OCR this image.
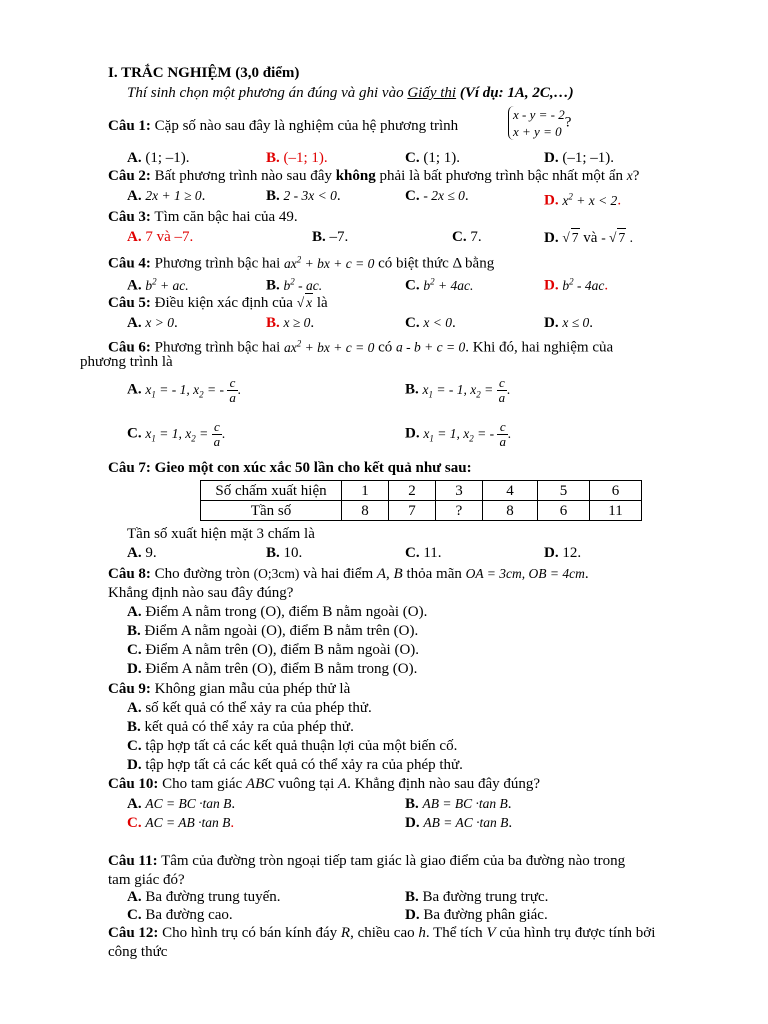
I. TRẮC NGHIỆM (3,0 điểm)
Thí sinh chọn một phương án đúng và ghi vào Giấy thi (Ví dụ: 1A, 2C,…)
Câu 1: Cặp số nào sau đây là nghiệm của hệ phương trình
x - y = - 2
x + y = 0
?
A. (1; –1).	B. (–1; 1).	C. (1; 1).	D. (–1; –1).
Câu 2: Bất phương trình nào sau đây không phải là bất phương trình bậc nhất một ẩn x?
A. 2x + 1 ≥ 0.	B. 2 - 3x < 0.	C. - 2x ≤ 0.	D. $x^2 + x < 2$.
Câu 3: Tìm căn bậc hai của 49.
A. 7 và –7.	B. –7.	C. 7.	D. √ 7 và - √ 7 .
Câu 4: Phương trình bậc hai $ax^2$ + bx + c = 0 có biệt thức Δ bằng
A. $b^2$ + ac.	B. $b^2$ - ac.	C. $b^2 + 4ac$.	D. $b^2 - 4ac$.
Câu 5: Điều kiện xác định của √ x là
A. x > 0.	B. x ≥ 0.	C. x < 0.	D. x ≤ 0.
Câu 6: Phương trình bậc hai $ax^2$ + bx + c = 0 có a - b + c = 0. Khi đó, hai nghiệm của
phương trình là
A. $x_1$ = - 1, $x_2$ = - $\frac{c}{a}$ .	B. $x_1$ = - 1, $x_2 = \frac{c}{a}$ .
C. $x_1 = 1$, $x_2 = \frac{c}{a}$ .	D. $x_1 = 1$, $x_2$ = - $\frac{c}{a}$ .
Câu 7: Gieo một con xúc xắc 50 lần cho kết quả như sau:
Số chấm xuất hiện	1	2	3	4	5	6
Tần số	8	7	?	8	6	11
Tần số xuất hiện mặt 3 chấm là
A. 9.	B. 10.	C. 11.	D. 12.
Câu 8: Cho đường tròn (O;3cm) và hai điểm A, B thỏa mãn OA = 3cm, OB = 4cm.
Khẳng định nào sau đây đúng?
A. Điểm A nằm trong (O), điểm B nằm ngoài (O).
B. Điểm A nằm ngoài (O), điểm B nằm trên (O).
C. Điểm A nằm trên (O), điểm B nằm ngoài (O).
D. Điểm A nằm trên (O), điểm B nằm trong (O).
Câu 9: Không gian mẫu của phép thử là
A. số kết quả có thể xảy ra của phép thử.
B. kết quả có thể xảy ra của phép thử.
C. tập hợp tất cả các kết quả thuận lợi của một biến cố.
D. tập hợp tất cả các kết quả có thể xảy ra của phép thử.
Câu 10: Cho tam giác ABC vuông tại A. Khẳng định nào sau đây đúng?
A. AC = BC ·tan B.	B. AB = BC ·tan B.
C. AC = AB ·tan B.	D. AB = AC ·tan B.
Câu 11: Tâm của đường tròn ngoại tiếp tam giác là giao điểm của ba đường nào trong
tam giác đó?
A. Ba đường trung tuyến.	B. Ba đường trung trực.
C. Ba đường cao.	D. Ba đường phân giác.
Câu 12: Cho hình trụ có bán kính đáy R, chiều cao h. Thể tích V của hình trụ được tính bởi
công thức
